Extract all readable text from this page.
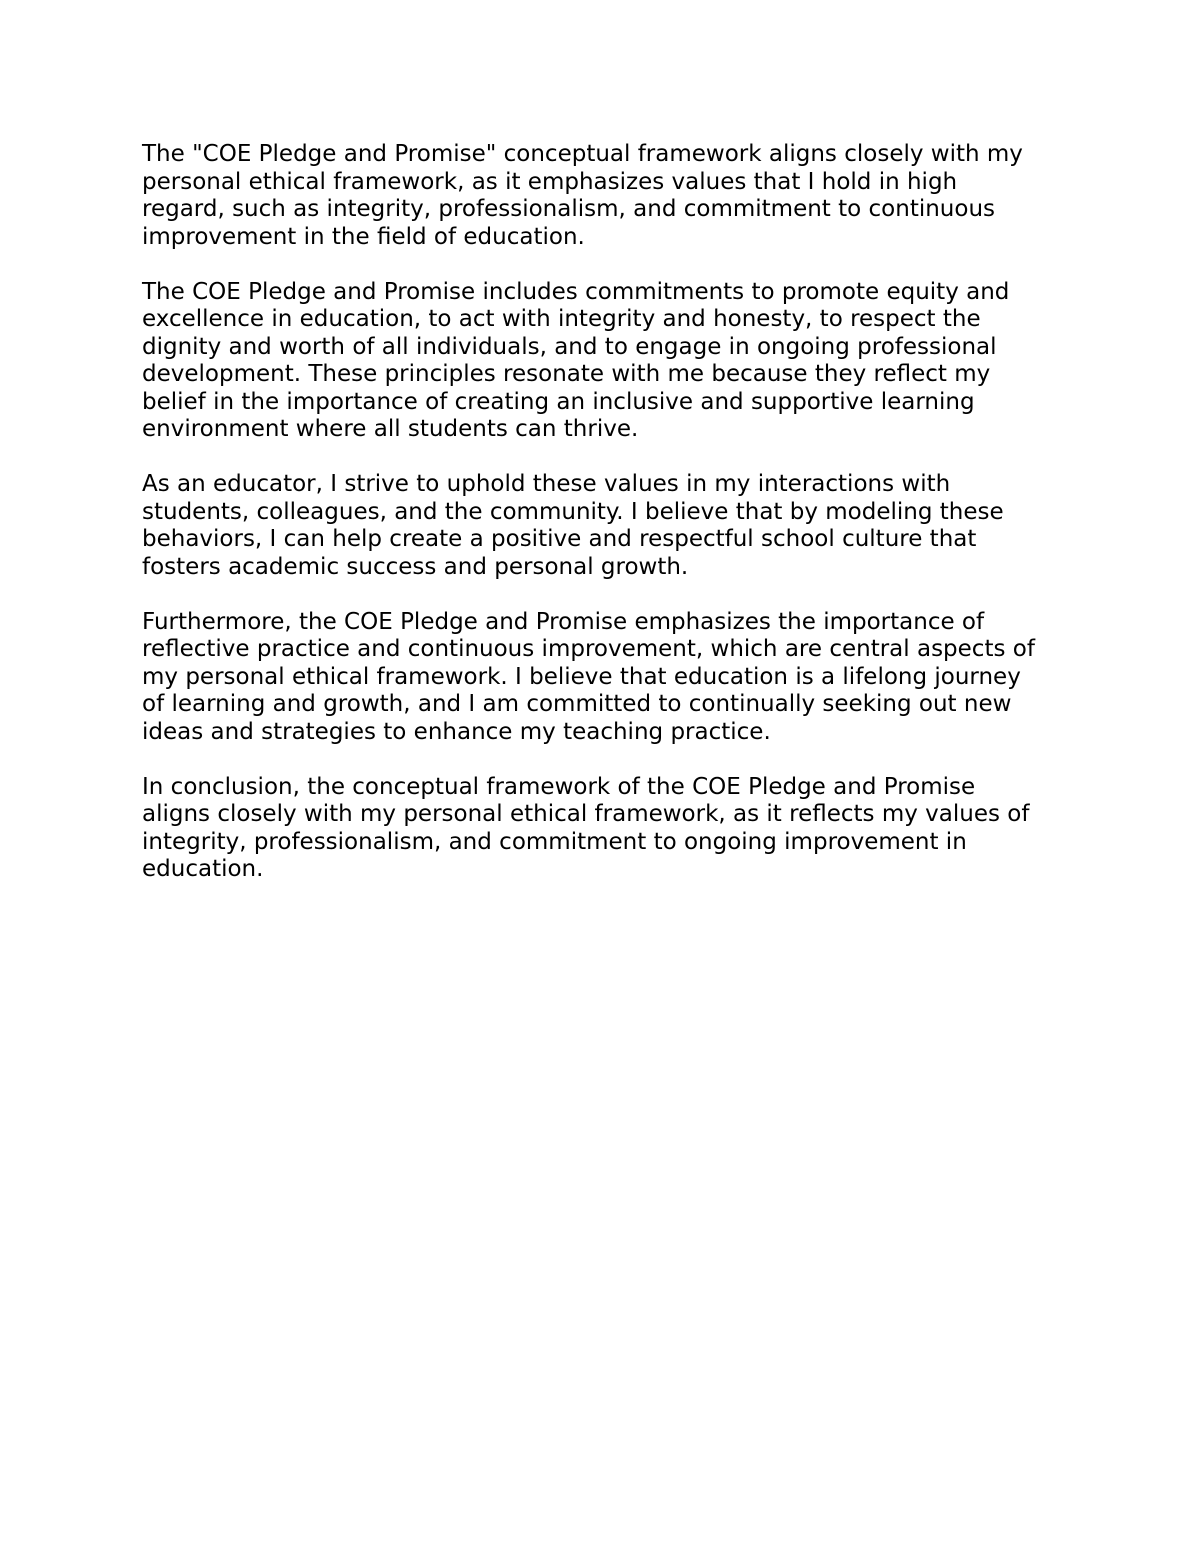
The "COE Pledge and Promise" conceptual framework aligns closely with my
personal ethical framework, as it emphasizes values that I hold in high
regard, such as integrity, professionalism, and commitment to continuous
improvement in the field of education.

The COE Pledge and Promise includes commitments to promote equity and
excellence in education, to act with integrity and honesty, to respect the
dignity and worth of all individuals, and to engage in ongoing professional
development. These principles resonate with me because they reflect my
belief in the importance of creating an inclusive and supportive learning
environment where all students can thrive.

As an educator, I strive to uphold these values in my interactions with
students, colleagues, and the community. I believe that by modeling these
behaviors, I can help create a positive and respectful school culture that
fosters academic success and personal growth.

Furthermore, the COE Pledge and Promise emphasizes the importance of
reflective practice and continuous improvement, which are central aspects of
my personal ethical framework. I believe that education is a lifelong journey
of learning and growth, and I am committed to continually seeking out new
ideas and strategies to enhance my teaching practice.

In conclusion, the conceptual framework of the COE Pledge and Promise
aligns closely with my personal ethical framework, as it reflects my values of
integrity, professionalism, and commitment to ongoing improvement in
education.
